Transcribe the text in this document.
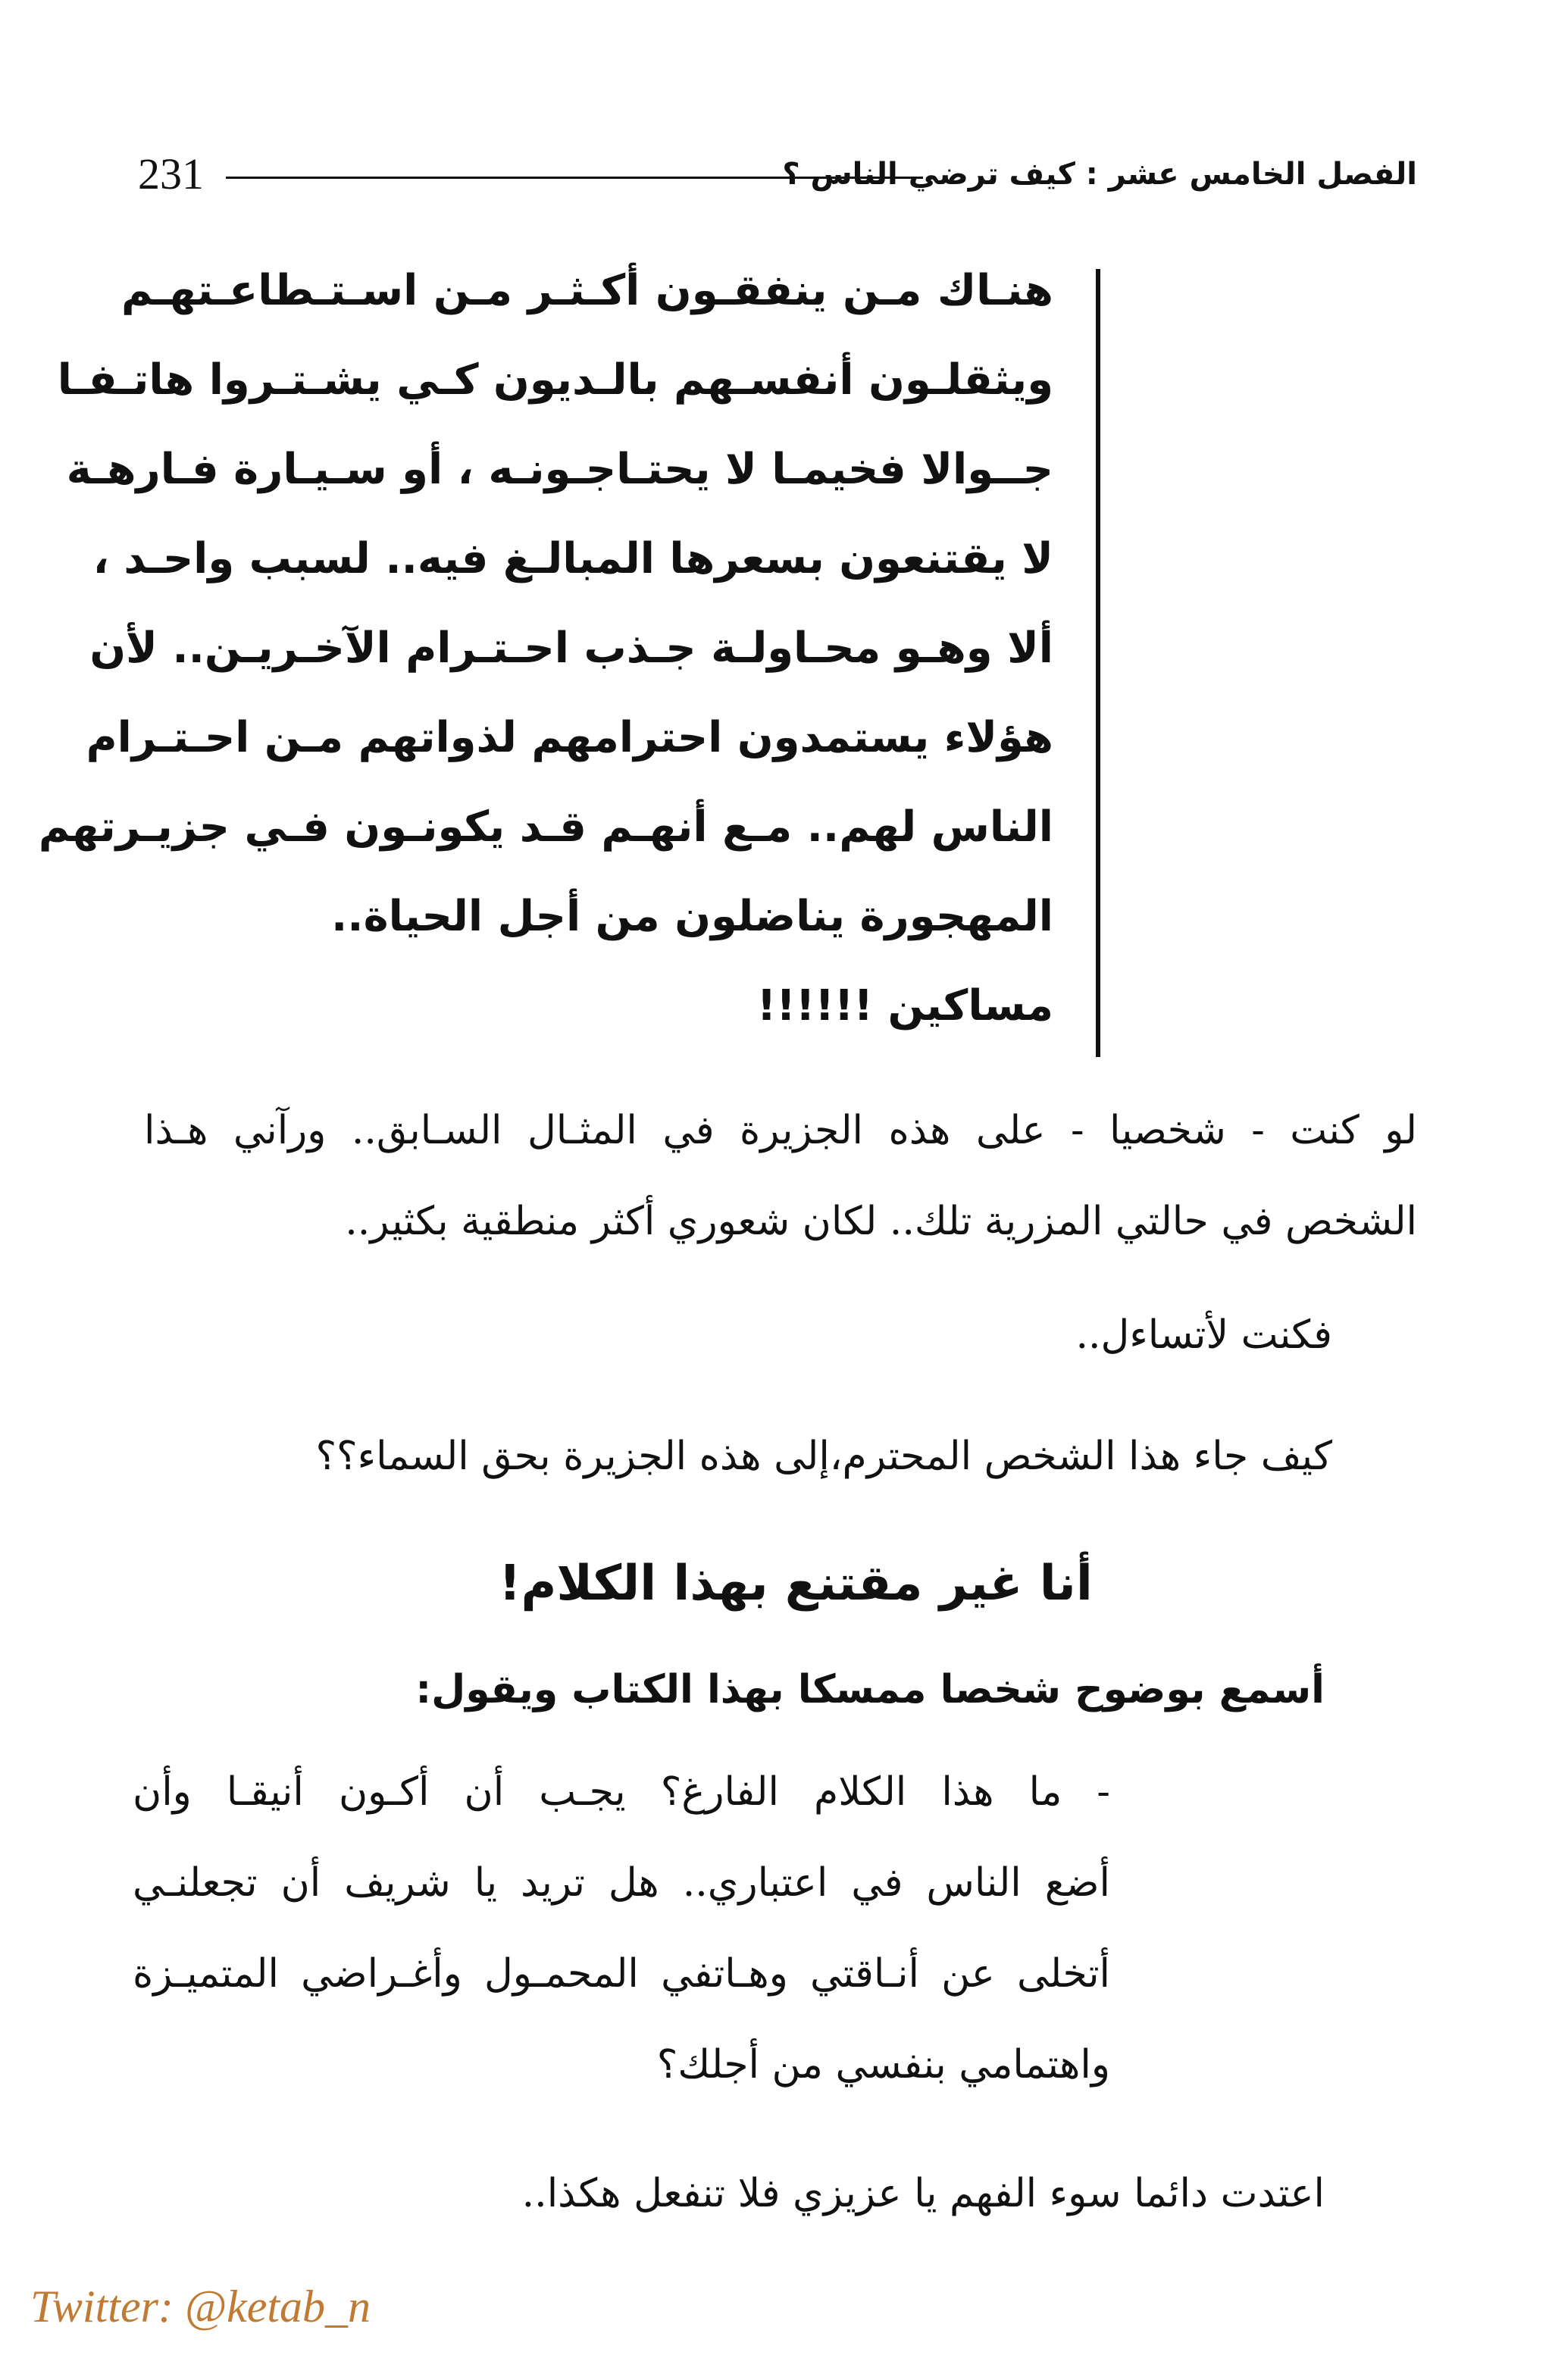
231	الفصل الخامس عشر : كيف ترضي الناس ؟
هنـاك مـن ينفقـون أكـثـر مـن اسـتـطاعـتهـم
ويثقلـون أنفسـهم بالـديون كـي يشـتـروا هاتـفـا
جــوالا فخيمـا لا يحتـاجـونـه ، أو سـيـارة فـارهـة
لا يقتنعون بسعرها المبالـغ فيه.. لسبب واحـد ،
ألا وهـو محـاولـة جـذب احـتـرام الآخـريـن.. لأن
هؤلاء يستمدون احترامهم لذواتهم مـن احـتـرام
الناس لهم.. مـع أنهـم قـد يكونـون فـي جزيـرتهم
المهجورة يناضلون من أجل الحياة..
مساكين !!!!!!
لو كنت - شخصيا - على هذه الجزيرة في المثـال السـابق.. ورآني هـذا
الشخص في حالتي المزرية تلك.. لكان شعوري أكثر منطقية بكثير..
فكنت لأتساءل..
كيف جاء هذا الشخص المحترم،إلى هذه الجزيرة بحق السماء؟؟
أنا غير مقتنع بهذا الكلام!
أسمع بوضوح شخصا ممسكا بهذا الكتاب ويقول:
- ما هذا الكلام الفارغ؟ يجـب أن أكـون أنيقـا وأن
أضع الناس في اعتباري.. هل تريد يا شريف أن تجعلنـي
أتخلى عن أنـاقتي وهـاتفي المحمـول وأغـراضي المتميـزة
واهتمامي بنفسي من أجلك؟
اعتدت دائما سوء الفهم يا عزيزي فلا تنفعل هكذا..
Twitter: @ketab_n
